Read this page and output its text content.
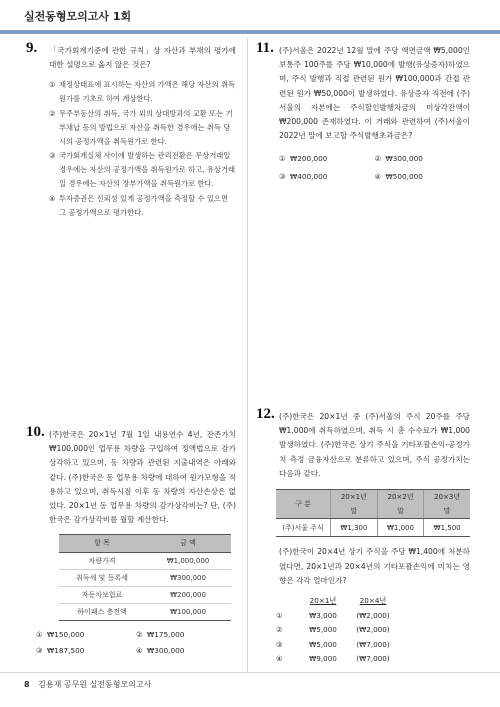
실전동형모의고사 1회
9.	「국가회계기준에 관한 규칙」상 자산과 부채의 평가에 대한 설명으로 옳지 않은 것은?
① 재정상태표에 표시하는 자산의 가액은 해당 자산의 취득원가를 기초로 하여 계상한다.
② 무주부동산의 취득, 국가 외의 상대방과의 교환 또는 기부채납 등의 방법으로 자산을 취득한 경우에는 취득 당시의 공정가액을 취득원가로 한다.
③ 국가회계실체 사이에 발생하는 관리전환은 무상거래일 경우에는 자산의 공정가액을 취득원가로 하고, 유상거래일 경우에는 자산의 장부가액을 취득원가로 한다.
④ 투자증권은 신뢰성 있게 공정가액을 측정할 수 있으면 그 공정가액으로 평가한다.
10. (주)한국은 20×1년 7월 1일 내용연수 4년, 잔존가치 ₩100,000인 업무용 차량을 구입하여 정액법으로 감가상각하고 있으며, 동 차량과 관련된 지출내역은 아래와 같다. (주)한국은 동 업무용 차량에 대하여 원가모형을 적용하고 있으며, 취득시점 이후 동 차량의 자산손상은 없었다. 20×1년 동 업무용 차량의 감가상각비는? 단, (주)한국은 감가상각비를 월할 계산한다.
항 목	금 액
차량가격	₩1,000,000
취득세 및 등록세	₩300,000
자동차보험료	₩200,000
하이패스 충전액	₩100,000
① ₩150,000	② ₩175,000
③ ₩187,500	④ ₩300,000
11. (주)서울은 2022년 12월 말에 주당 액면금액 ₩5,000인 보통주 100주를 주당 ₩10,000에 발행(유상증자)하였으며, 주식 발행과 직접 관련된 원가 ₩100,000과 간접 관련된 원가 ₩50,000이 발생하였다. 유상증자 직전에 (주)서울의 자본에는 주식할인발행차금의 미상각잔액이 ₩200,000 존재하였다. 이 거래와 관련하여 (주)서울이 2022년 말에 보고할 주식발행초과금은?
① ₩200,000	② ₩300,000
③ ₩400,000	④ ₩500,000
12. (주)한국은 20×1년 중 (주)서울의 주식 20주를 주당 ₩1,000에 취득하였으며, 취득 시 총 수수료가 ₩1,000 발생하였다. (주)한국은 상기 주식을 기타포괄손익-공정가치 측정 금융자산으로 분류하고 있으며, 주식 공정가치는 다음과 같다.
구 분	20×1년 말	20×2년 말	20×3년 말
(주)서울 주식	₩1,300	₩1,000	₩1,500
(주)한국이 20×4년 상기 주식을 주당 ₩1,400에 처분하였다면, 20×1년과 20×4년의 기타포괄손익에 미치는 영향은 각각 얼마인가?
20×1년	20×4년
①	₩3,000	(₩2,000)
②	₩5,000	(₩2,000)
③	₩5,000	(₩7,000)
④	₩9,000	(₩7,000)
8 김용재 공무원 실전동형모의고사
